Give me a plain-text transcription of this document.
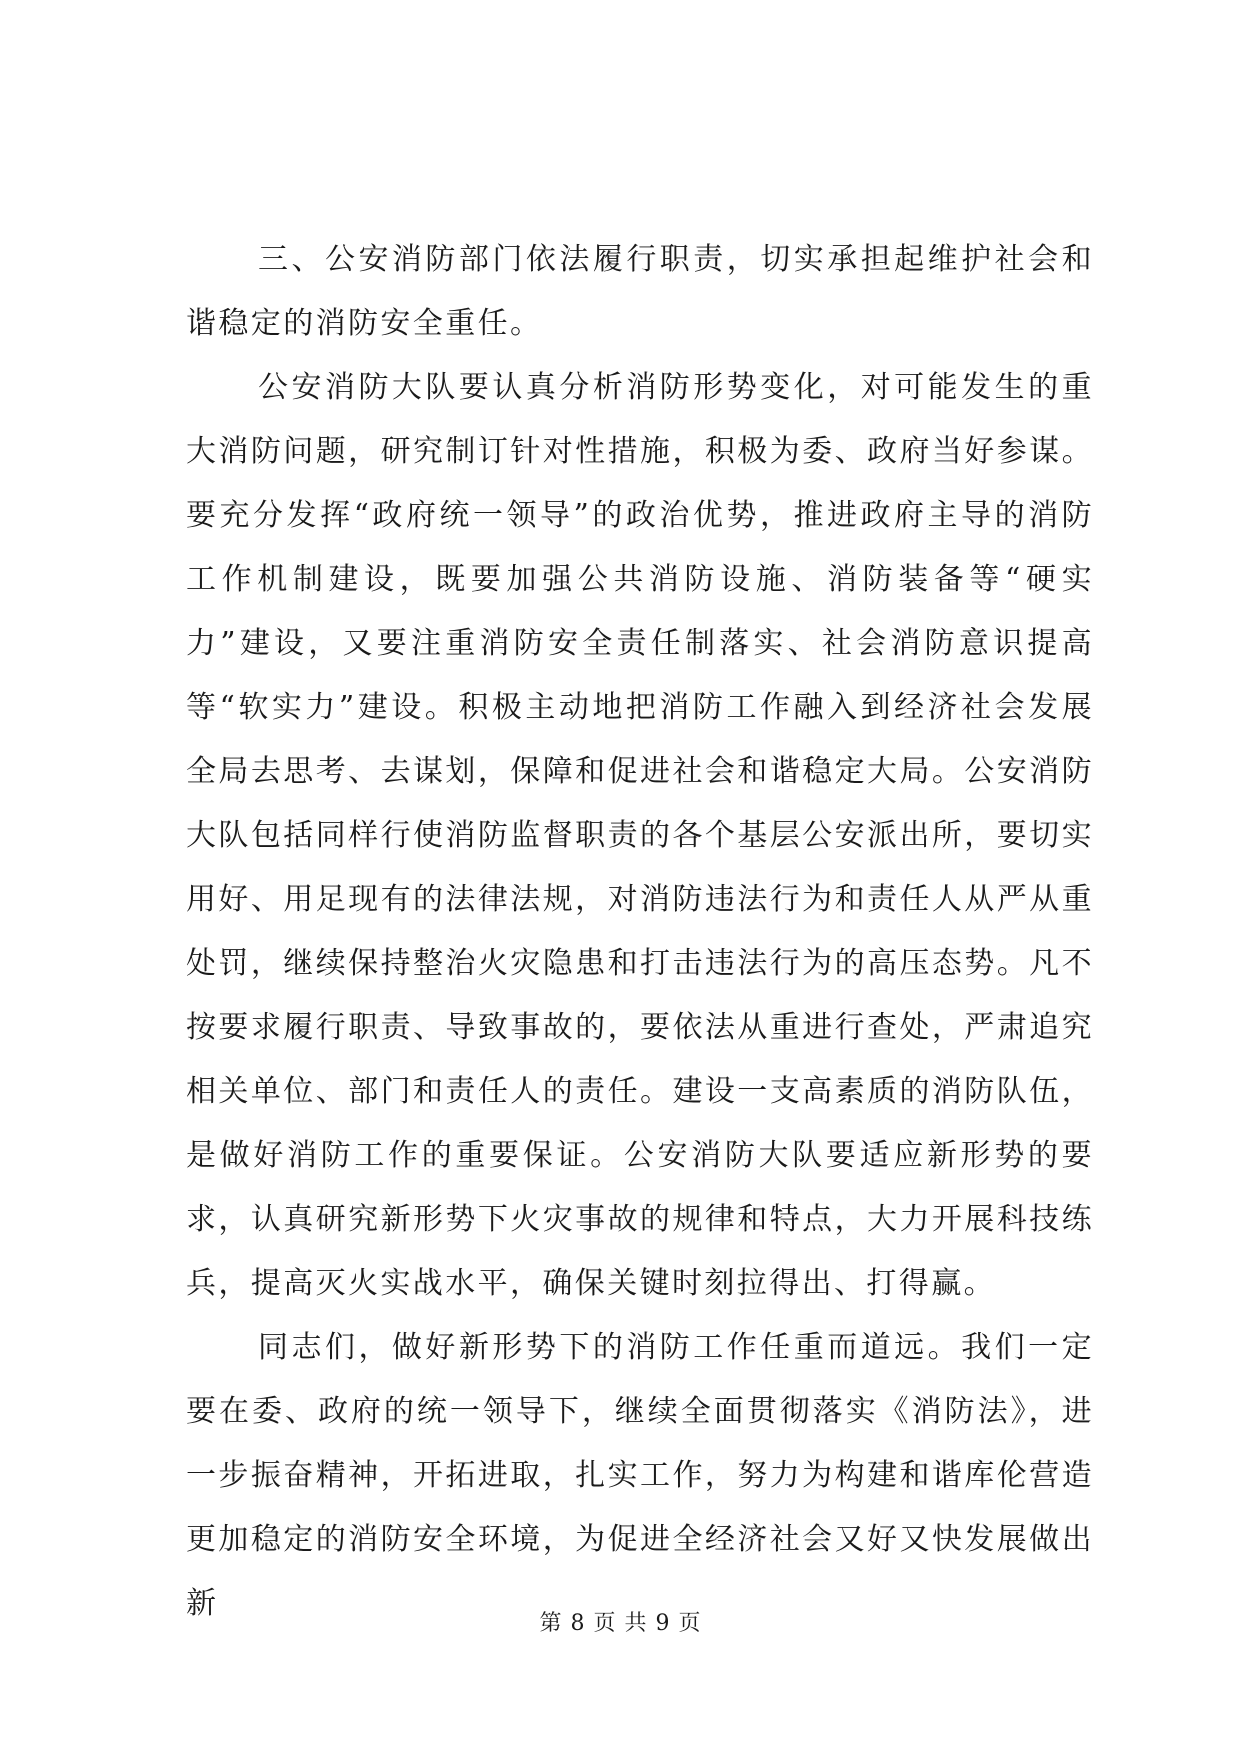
三、公安消防部门依法履行职责，切实承担起维护社会和谐稳定的消防安全重任。

公安消防大队要认真分析消防形势变化，对可能发生的重大消防问题，研究制订针对性措施，积极为委、政府当好参谋。要充分发挥“政府统一领导”的政治优势，推进政府主导的消防工作机制建设，既要加强公共消防设施、消防装备等“硬实力”建设，又要注重消防安全责任制落实、社会消防意识提高等“软实力”建设。积极主动地把消防工作融入到经济社会发展全局去思考、去谋划，保障和促进社会和谐稳定大局。公安消防大队包括同样行使消防监督职责的各个基层公安派出所，要切实用好、用足现有的法律法规，对消防违法行为和责任人从严从重处罚，继续保持整治火灾隐患和打击违法行为的高压态势。凡不按要求履行职责、导致事故的，要依法从重进行查处，严肃追究相关单位、部门和责任人的责任。建设一支高素质的消防队伍，是做好消防工作的重要保证。公安消防大队要适应新形势的要求，认真研究新形势下火灾事故的规律和特点，大力开展科技练兵，提高灭火实战水平，确保关键时刻拉得出、打得赢。

同志们，做好新形势下的消防工作任重而道远。我们一定要在委、政府的统一领导下，继续全面贯彻落实《消防法》，进一步振奋精神，开拓进取，扎实工作，努力为构建和谐库伦营造更加稳定的消防安全环境，为促进全经济社会又好又快发展做出新

第 8 页 共 9 页
